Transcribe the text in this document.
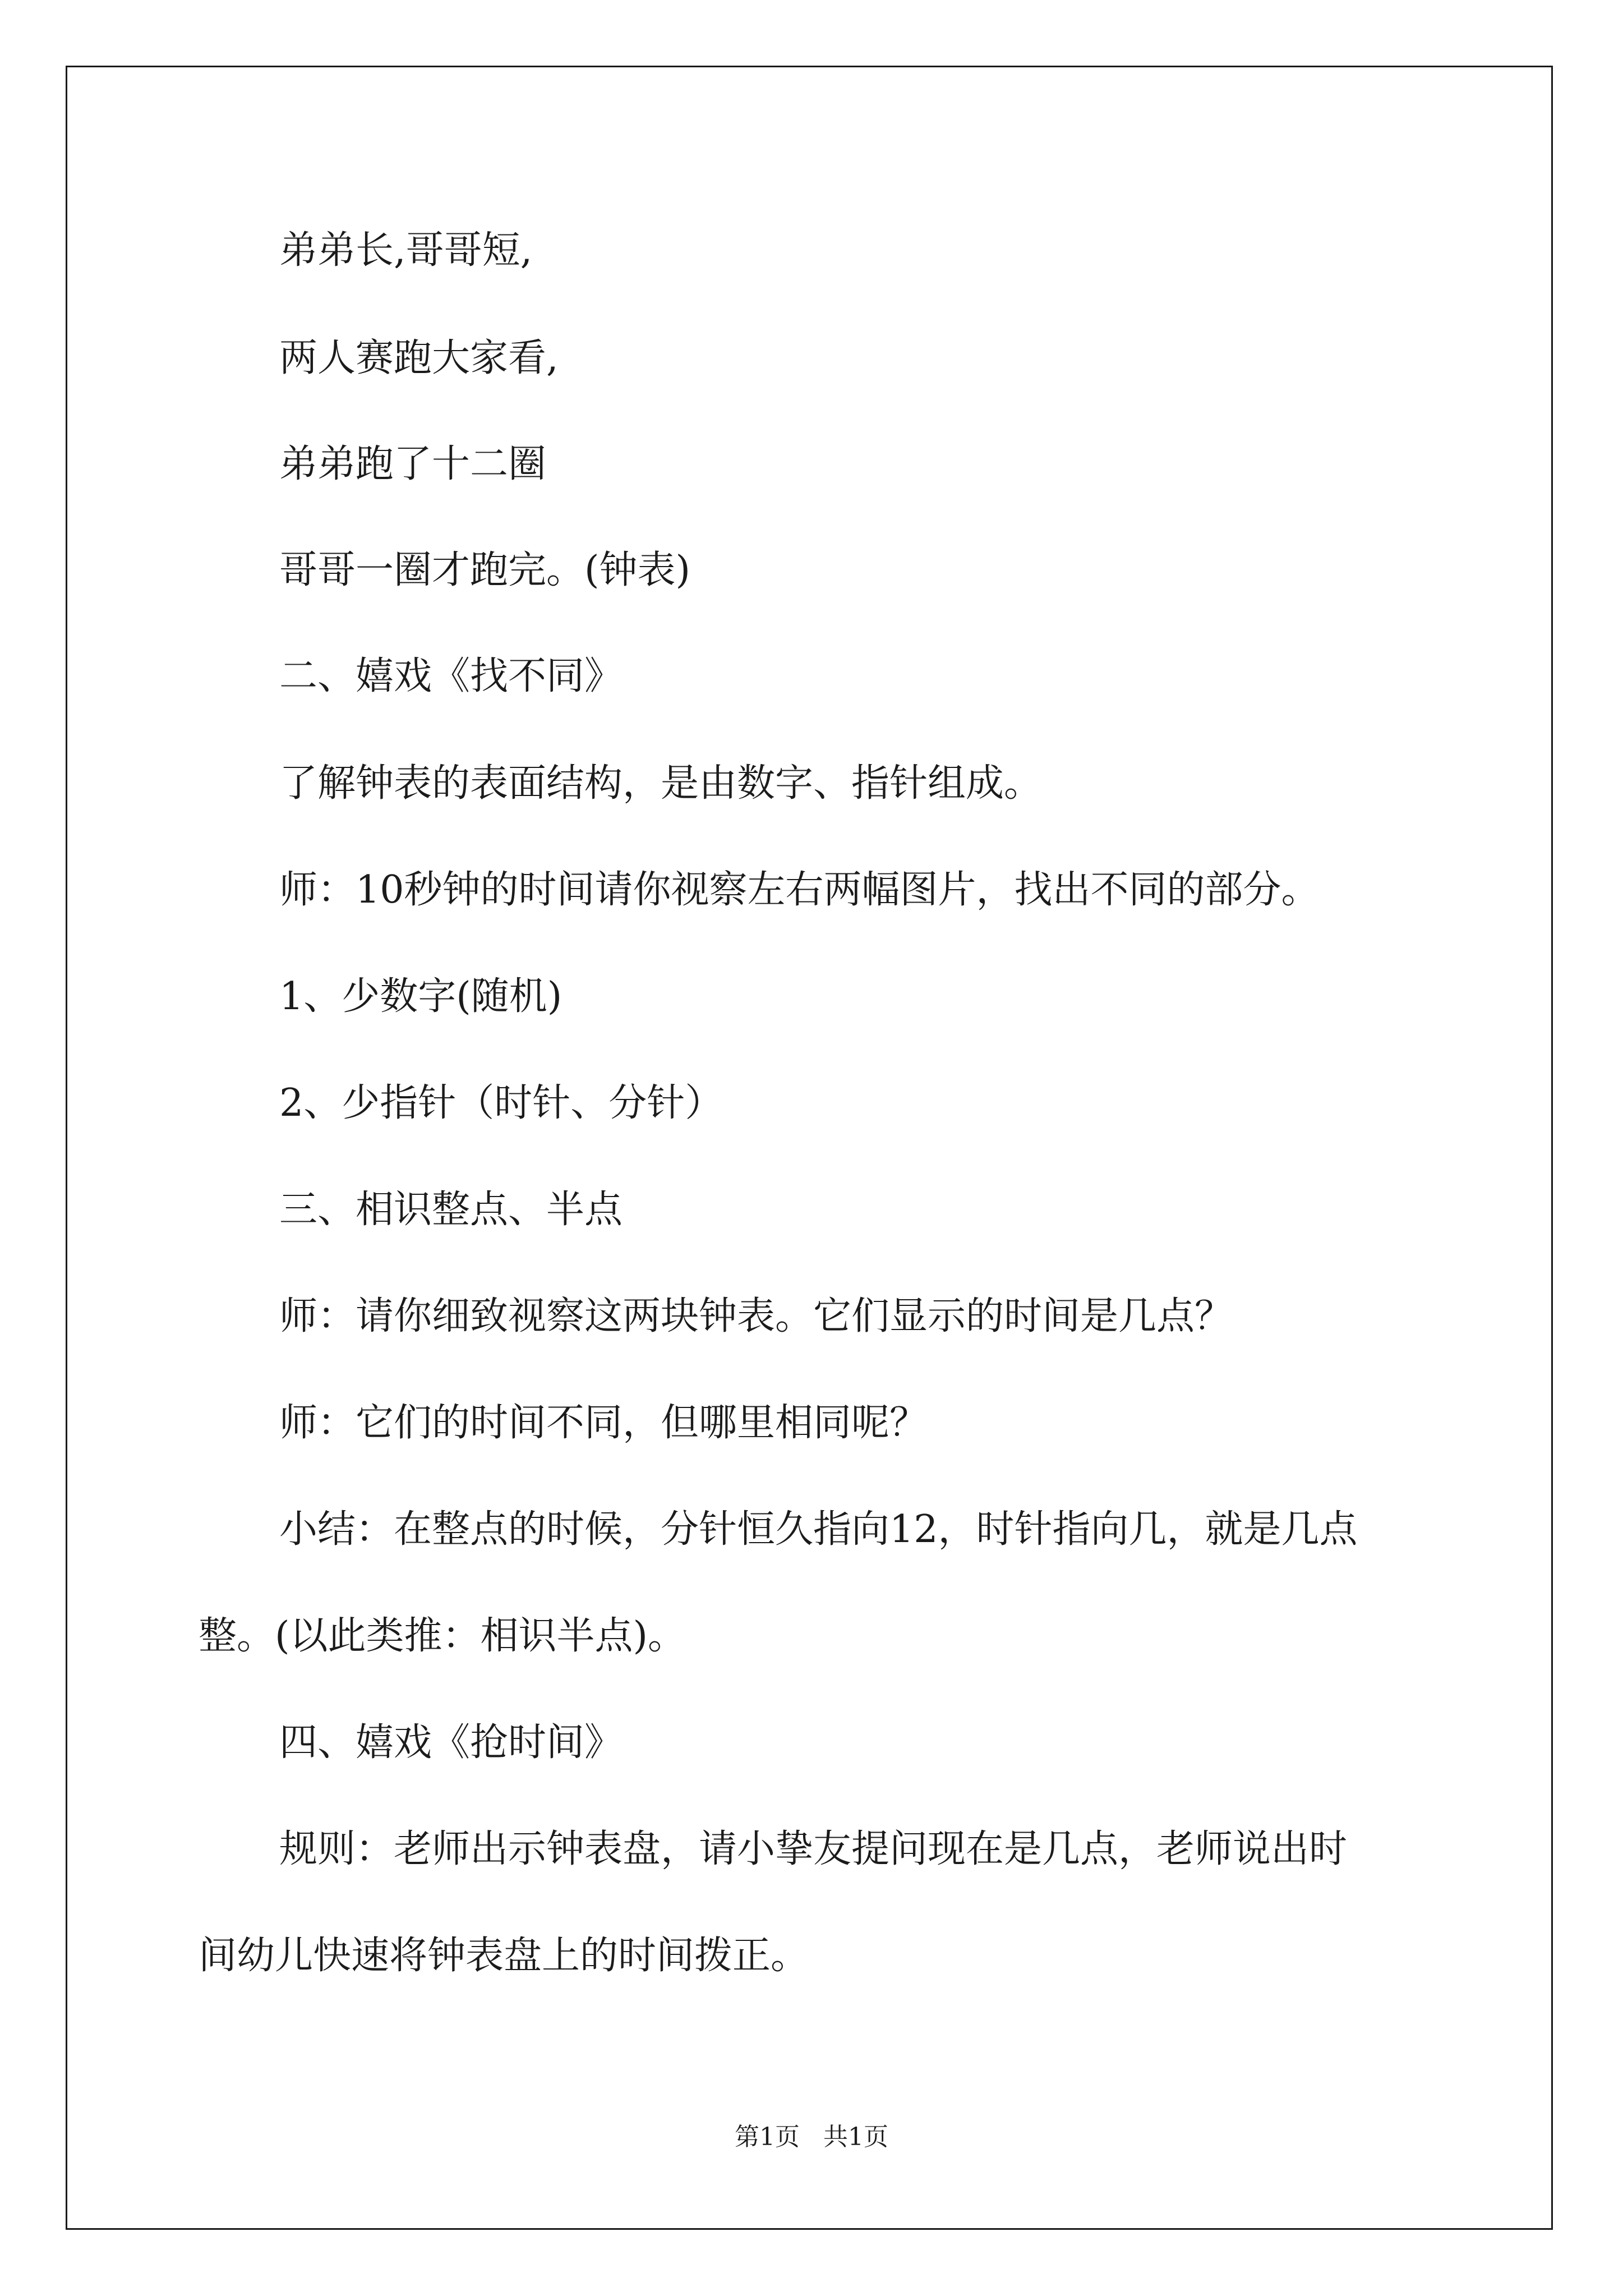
弟弟长,哥哥短,

两人赛跑大家看,

弟弟跑了十二圈

哥哥一圈才跑完。(钟表)

二、嬉戏《找不同》

了解钟表的表面结构，是由数字、指针组成。

师：10秒钟的时间请你视察左右两幅图片，找出不同的部分。

1、少数字(随机)

2、少指针（时针、分针）

三、相识整点、半点

师：请你细致视察这两块钟表。它们显示的时间是几点？

师：它们的时间不同，但哪里相同呢？

小结：在整点的时候，分针恒久指向12，时针指向几，就是几点

整。(以此类推：相识半点)。

四、嬉戏《抢时间》

规则：老师出示钟表盘，请小挚友提问现在是几点，老师说出时

间幼儿快速将钟表盘上的时间拨正。

第1页   共1页
